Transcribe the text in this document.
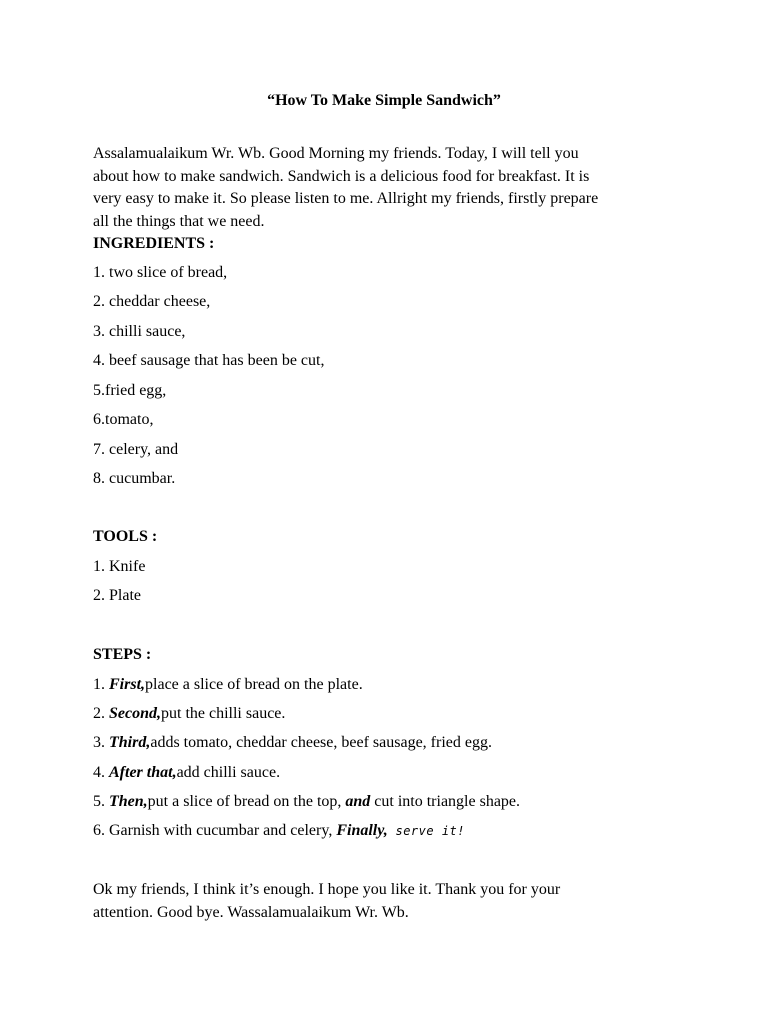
“How To Make Simple Sandwich”
Assalamualaikum Wr. Wb. Good Morning my friends. Today, I will tell you
about how to make sandwich. Sandwich is a delicious food for breakfast. It is
very easy to make it. So please listen to me. Allright my friends, firstly prepare
all the things that we need.
INGREDIENTS :
1. two slice of bread,
2. cheddar cheese,
3. chilli sauce,
4. beef sausage that has been be cut,
5.fried egg,
6.tomato,
7. celery, and
8. cucumbar.
TOOLS :
1. Knife
2. Plate
STEPS :
1. First,place a slice of bread on the plate.
2. Second,put the chilli sauce.
3. Third,adds tomato, cheddar cheese, beef sausage, fried egg.
4. After that,add chilli sauce.
5. Then,put a slice of bread on the top, and cut into triangle shape.
6. Garnish with cucumbar and celery, Finally, serve it!
Ok my friends, I think it’s enough. I hope you like it. Thank you for your
attention. Good bye. Wassalamualaikum Wr. Wb.
